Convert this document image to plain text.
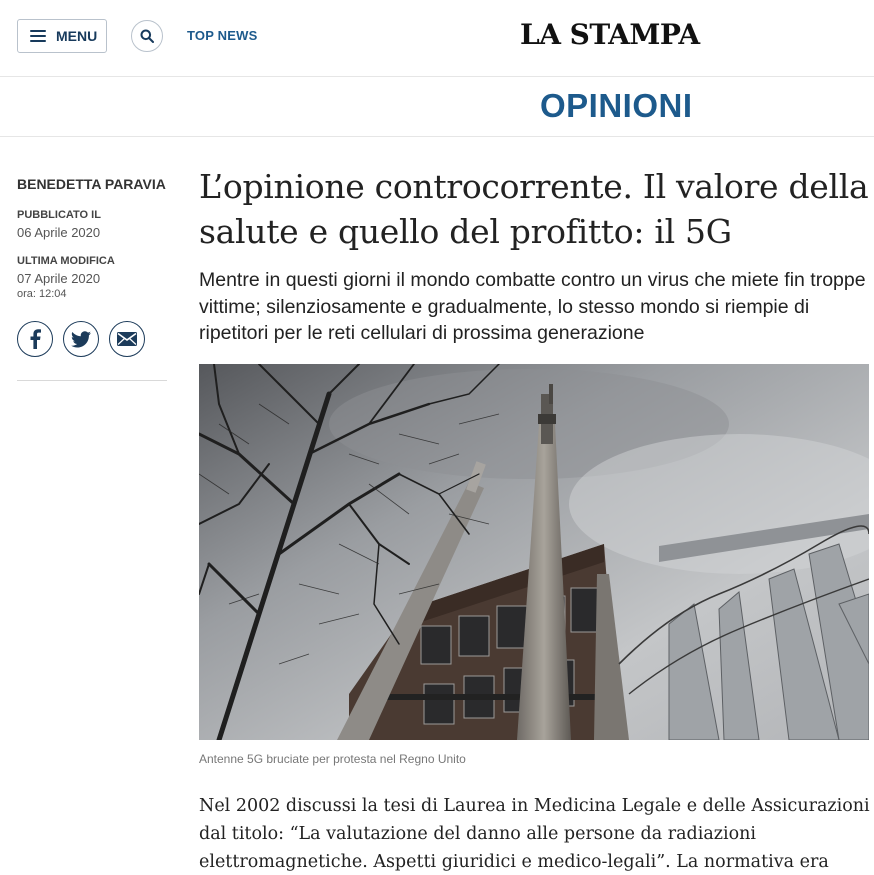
MENU	TOP NEWS	LA STAMPA
OPINIONI
BENEDETTA PARAVIA
PUBBLICATO IL
06 Aprile 2020
ULTIMA MODIFICA
07 Aprile 2020
ora: 12:04
L’opinione controcorrente. Il valore della salute e quello del profitto: il 5G

Mentre in questi giorni il mondo combatte contro un virus che miete fin troppe vittime; silenziosamente e gradualmente, lo stesso mondo si riempie di ripetitori per le reti cellulari di prossima generazione

Antenne 5G bruciate per protesta nel Regno Unito

Nel 2002 discussi la tesi di Laurea in Medicina Legale e delle Assicurazioni dal titolo: “La valutazione del danno alle persone da radiazioni elettromagnetiche. Aspetti giuridici e medico-legali”. La normativa era
